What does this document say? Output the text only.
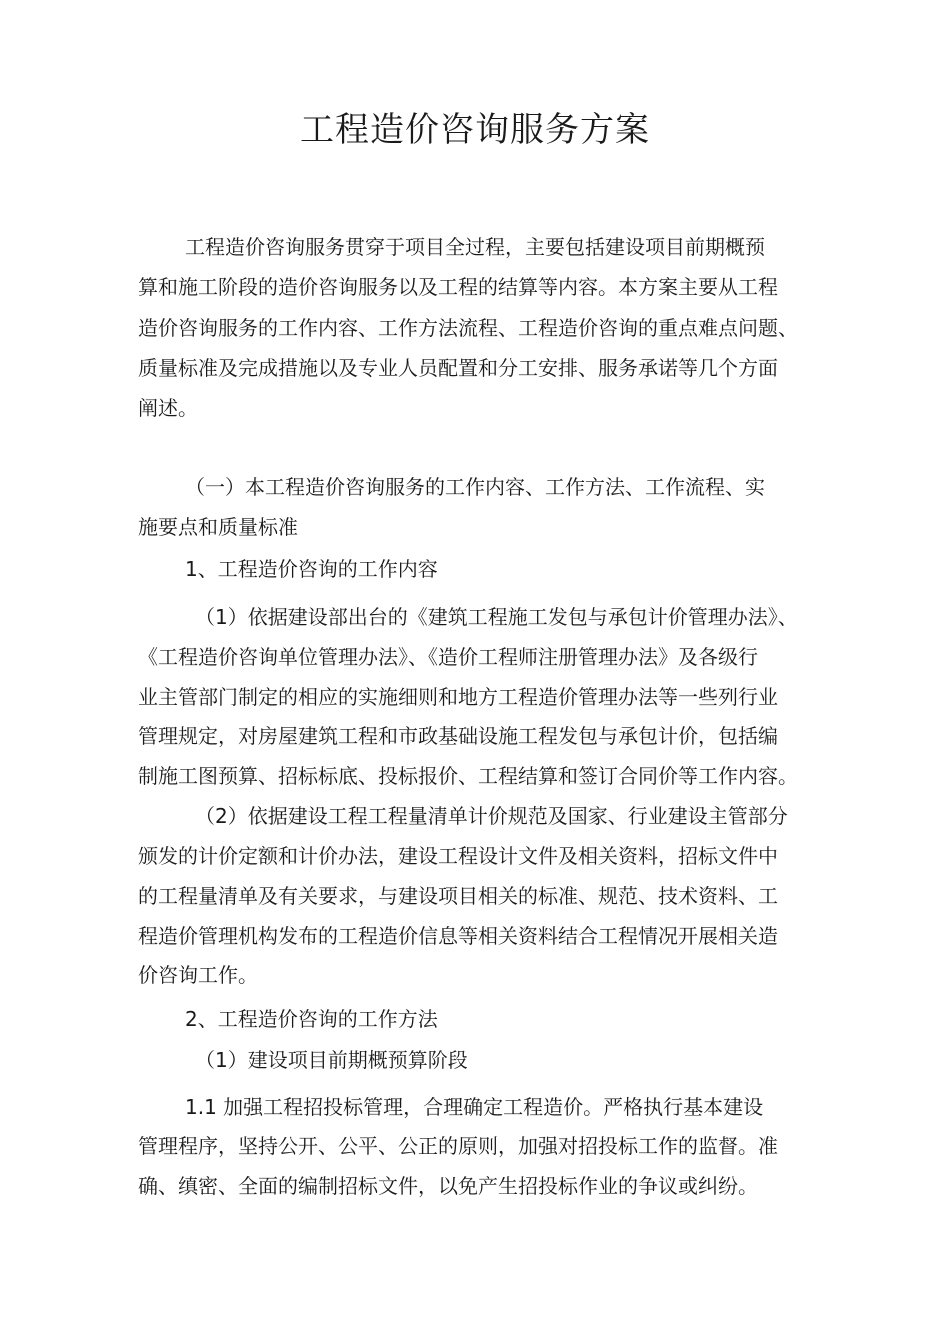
工程造价咨询服务方案
工程造价咨询服务贯穿于项目全过程，主要包括建设项目前期概预
算和施工阶段的造价咨询服务以及工程的结算等内容。本方案主要从工程
造价咨询服务的工作内容、工作方法流程、工程造价咨询的重点难点问题、
质量标准及完成措施以及专业人员配置和分工安排、服务承诺等几个方面
阐述。
（一）本工程造价咨询服务的工作内容、工作方法、工作流程、实
施要点和质量标准
1、工程造价咨询的工作内容
（1）依据建设部出台的《建筑工程施工发包与承包计价管理办法》、
《工程造价咨询单位管理办法》、《造价工程师注册管理办法》及各级行
业主管部门制定的相应的实施细则和地方工程造价管理办法等一些列行业
管理规定，对房屋建筑工程和市政基础设施工程发包与承包计价，包括编
制施工图预算、招标标底、投标报价、工程结算和签订合同价等工作内容。
（2）依据建设工程工程量清单计价规范及国家、行业建设主管部分
颁发的计价定额和计价办法，建设工程设计文件及相关资料，招标文件中
的工程量清单及有关要求，与建设项目相关的标准、规范、技术资料、工
程造价管理机构发布的工程造价信息等相关资料结合工程情况开展相关造
价咨询工作。
2、工程造价咨询的工作方法
（1）建设项目前期概预算阶段
1.1 加强工程招投标管理，合理确定工程造价。严格执行基本建设
管理程序，坚持公开、公平、公正的原则，加强对招投标工作的监督。准
确、缜密、全面的编制招标文件，以免产生招投标作业的争议或纠纷。
